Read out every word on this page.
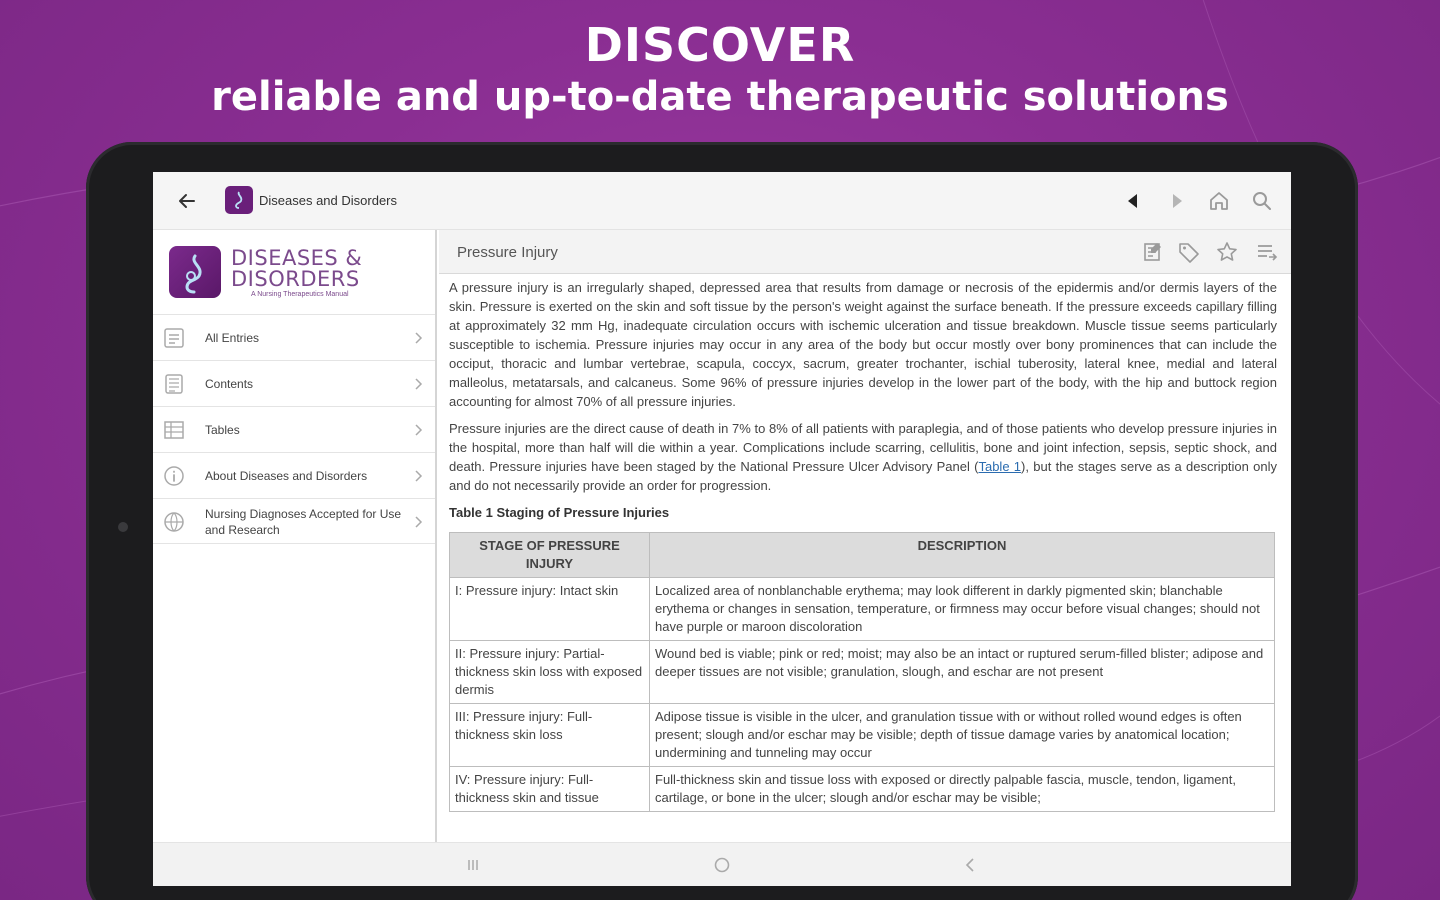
DISCOVER
reliable and up-to-date therapeutic solutions
Diseases and Disorders
DISEASES &
DISORDERS
A Nursing Therapeutics Manual
All Entries
Contents
Tables
About Diseases and Disorders
Nursing Diagnoses Accepted for Use and Research
Pressure Injury

A pressure injury is an irregularly shaped, depressed area that results from damage or necrosis of the epidermis and/or dermis layers of the skin. Pressure is exerted on the skin and soft tissue by the person's weight against the surface beneath. If the pressure exceeds capillary filling at approximately 32 mm Hg, inadequate circulation occurs with ischemic ulceration and tissue breakdown. Muscle tissue seems particularly susceptible to ischemia. Pressure injuries may occur in any area of the body but occur mostly over bony prominences that can include the occiput, thoracic and lumbar vertebrae, scapula, coccyx, sacrum, greater trochanter, ischial tuberosity, lateral knee, medial and lateral malleolus, metatarsals, and calcaneus. Some 96% of pressure injuries develop in the lower part of the body, with the hip and buttock region accounting for almost 70% of all pressure injuries.

Pressure injuries are the direct cause of death in 7% to 8% of all patients with paraplegia, and of those patients who develop pressure injuries in the hospital, more than half will die within a year. Complications include scarring, cellulitis, bone and joint infection, sepsis, septic shock, and death. Pressure injuries have been staged by the National Pressure Ulcer Advisory Panel (Table 1), but the stages serve as a description only and do not necessarily provide an order for progression.

Table 1 Staging of Pressure Injuries
STAGE OF PRESSURE INJURY	DESCRIPTION
I: Pressure injury: Intact skin	Localized area of nonblanchable erythema; may look different in darkly pigmented skin; blanchable erythema or changes in sensation, temperature, or firmness may occur before visual changes; should not have purple or maroon discoloration
II: Pressure injury: Partial-thickness skin loss with exposed dermis	Wound bed is viable; pink or red; moist; may also be an intact or ruptured serum-filled blister; adipose and deeper tissues are not visible; granulation, slough, and eschar are not present
III: Pressure injury: Full-thickness skin loss	Adipose tissue is visible in the ulcer, and granulation tissue with or without rolled wound edges is often present; slough and/or eschar may be visible; depth of tissue damage varies by anatomical location; undermining and tunneling may occur
IV: Pressure injury: Full-thickness skin and tissue	Full-thickness skin and tissue loss with exposed or directly palpable fascia, muscle, tendon, ligament, cartilage, or bone in the ulcer; slough and/or eschar may be visible;
